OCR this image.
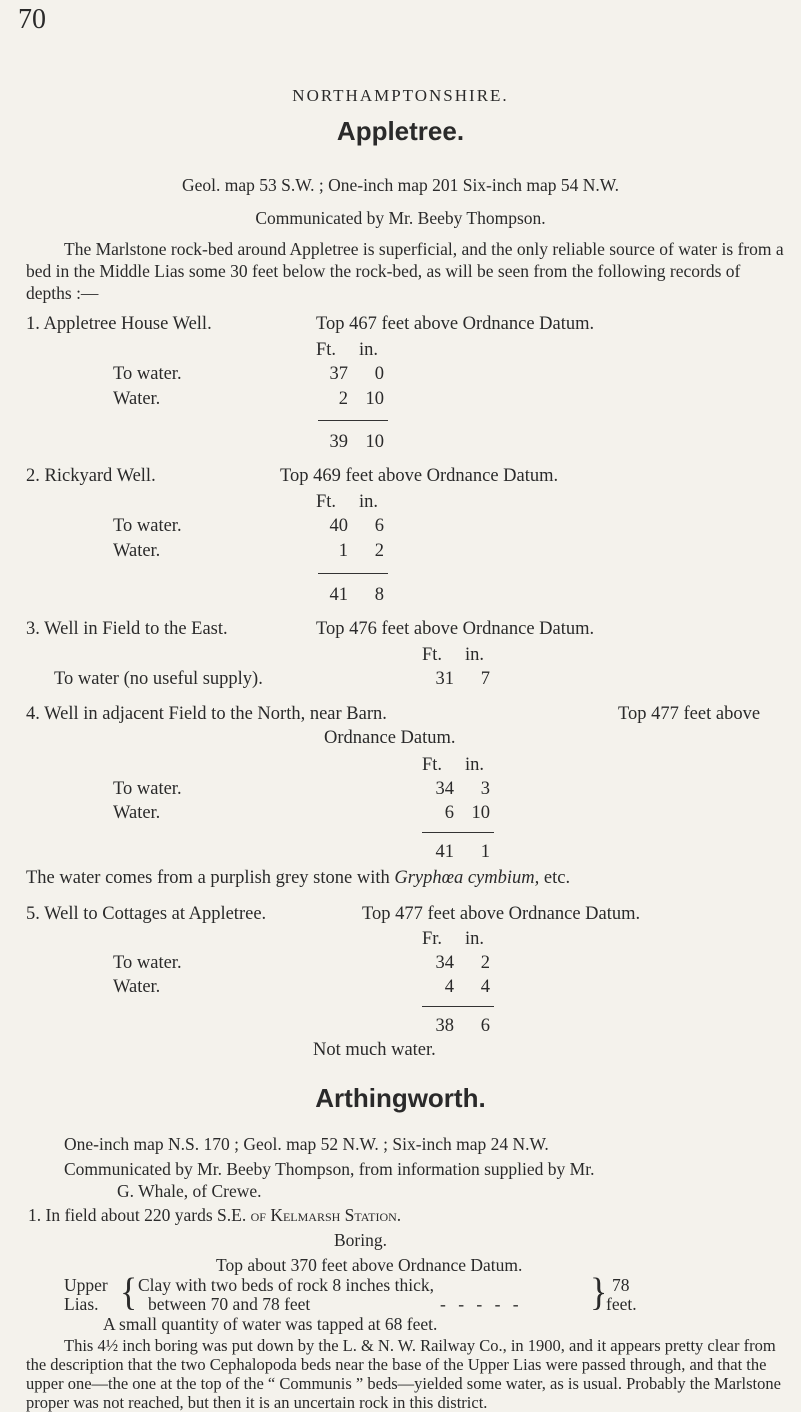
70
NORTHAMPTONSHIRE.
Appletree.
Geol. map 53 S.W. ; One-inch map 201 Six-inch map 54 N.W.
Communicated by Mr. Beeby Thompson.
The Marlstone rock-bed around Appletree is superficial, and the only reliable source of water is from a bed in the Middle Lias some 30 feet below the rock-bed, as will be seen from the following records of depths :—
1. Appletree House Well.	Top 467 feet above Ordnance Datum.
Ft. in.
To water.	37	0
Water.	2 10
39 10
2. Rickyard Well.	Top 469 feet above Ordnance Datum.
Ft. in.
To water.	40	6
Water.	1	2
41	8
3. Well in Field to the East.	Top 476 feet above Ordnance Datum.
Ft. in.
To water (no useful supply).	31	7
4. Well in adjacent Field to the North, near Barn.	Top 477 feet above
Ordnance Datum.
Ft. in.
To water.	34	3
Water.	6 10
41	1
The water comes from a purplish grey stone with Gryphœa cymbium, etc.
5. Well to Cottages at Appletree.	Top 477 feet above Ordnance Datum.
Fr. in.
To water.	34	2
Water.	4	4
38	6
Not much water.
Arthingworth.
One-inch map N.S. 170 ; Geol. map 52 N.W. ; Six-inch map 24 N.W.
Communicated by Mr. Beeby Thompson, from information supplied by Mr.
G. Whale, of Crewe.
1. In field about 220 yards S.E. of Kelmarsh Station.
Boring.
Top about 370 feet above Ordnance Datum.
Upper
Lias. { Clay with two beds of rock 8 inches thick,
between 70 and 78 feet	- - - - - } 78
feet.
A small quantity of water was tapped at 68 feet.
This 4½ inch boring was put down by the L. & N. W. Railway Co., in 1900, and it appears pretty clear from the description that the two Cephalopoda beds near the base of the Upper Lias were passed through, and that the upper one—the one at the top of the “ Communis ” beds—yielded some water, as is usual. Probably the Marlstone proper was not reached, but then it is an uncertain rock in this district.
